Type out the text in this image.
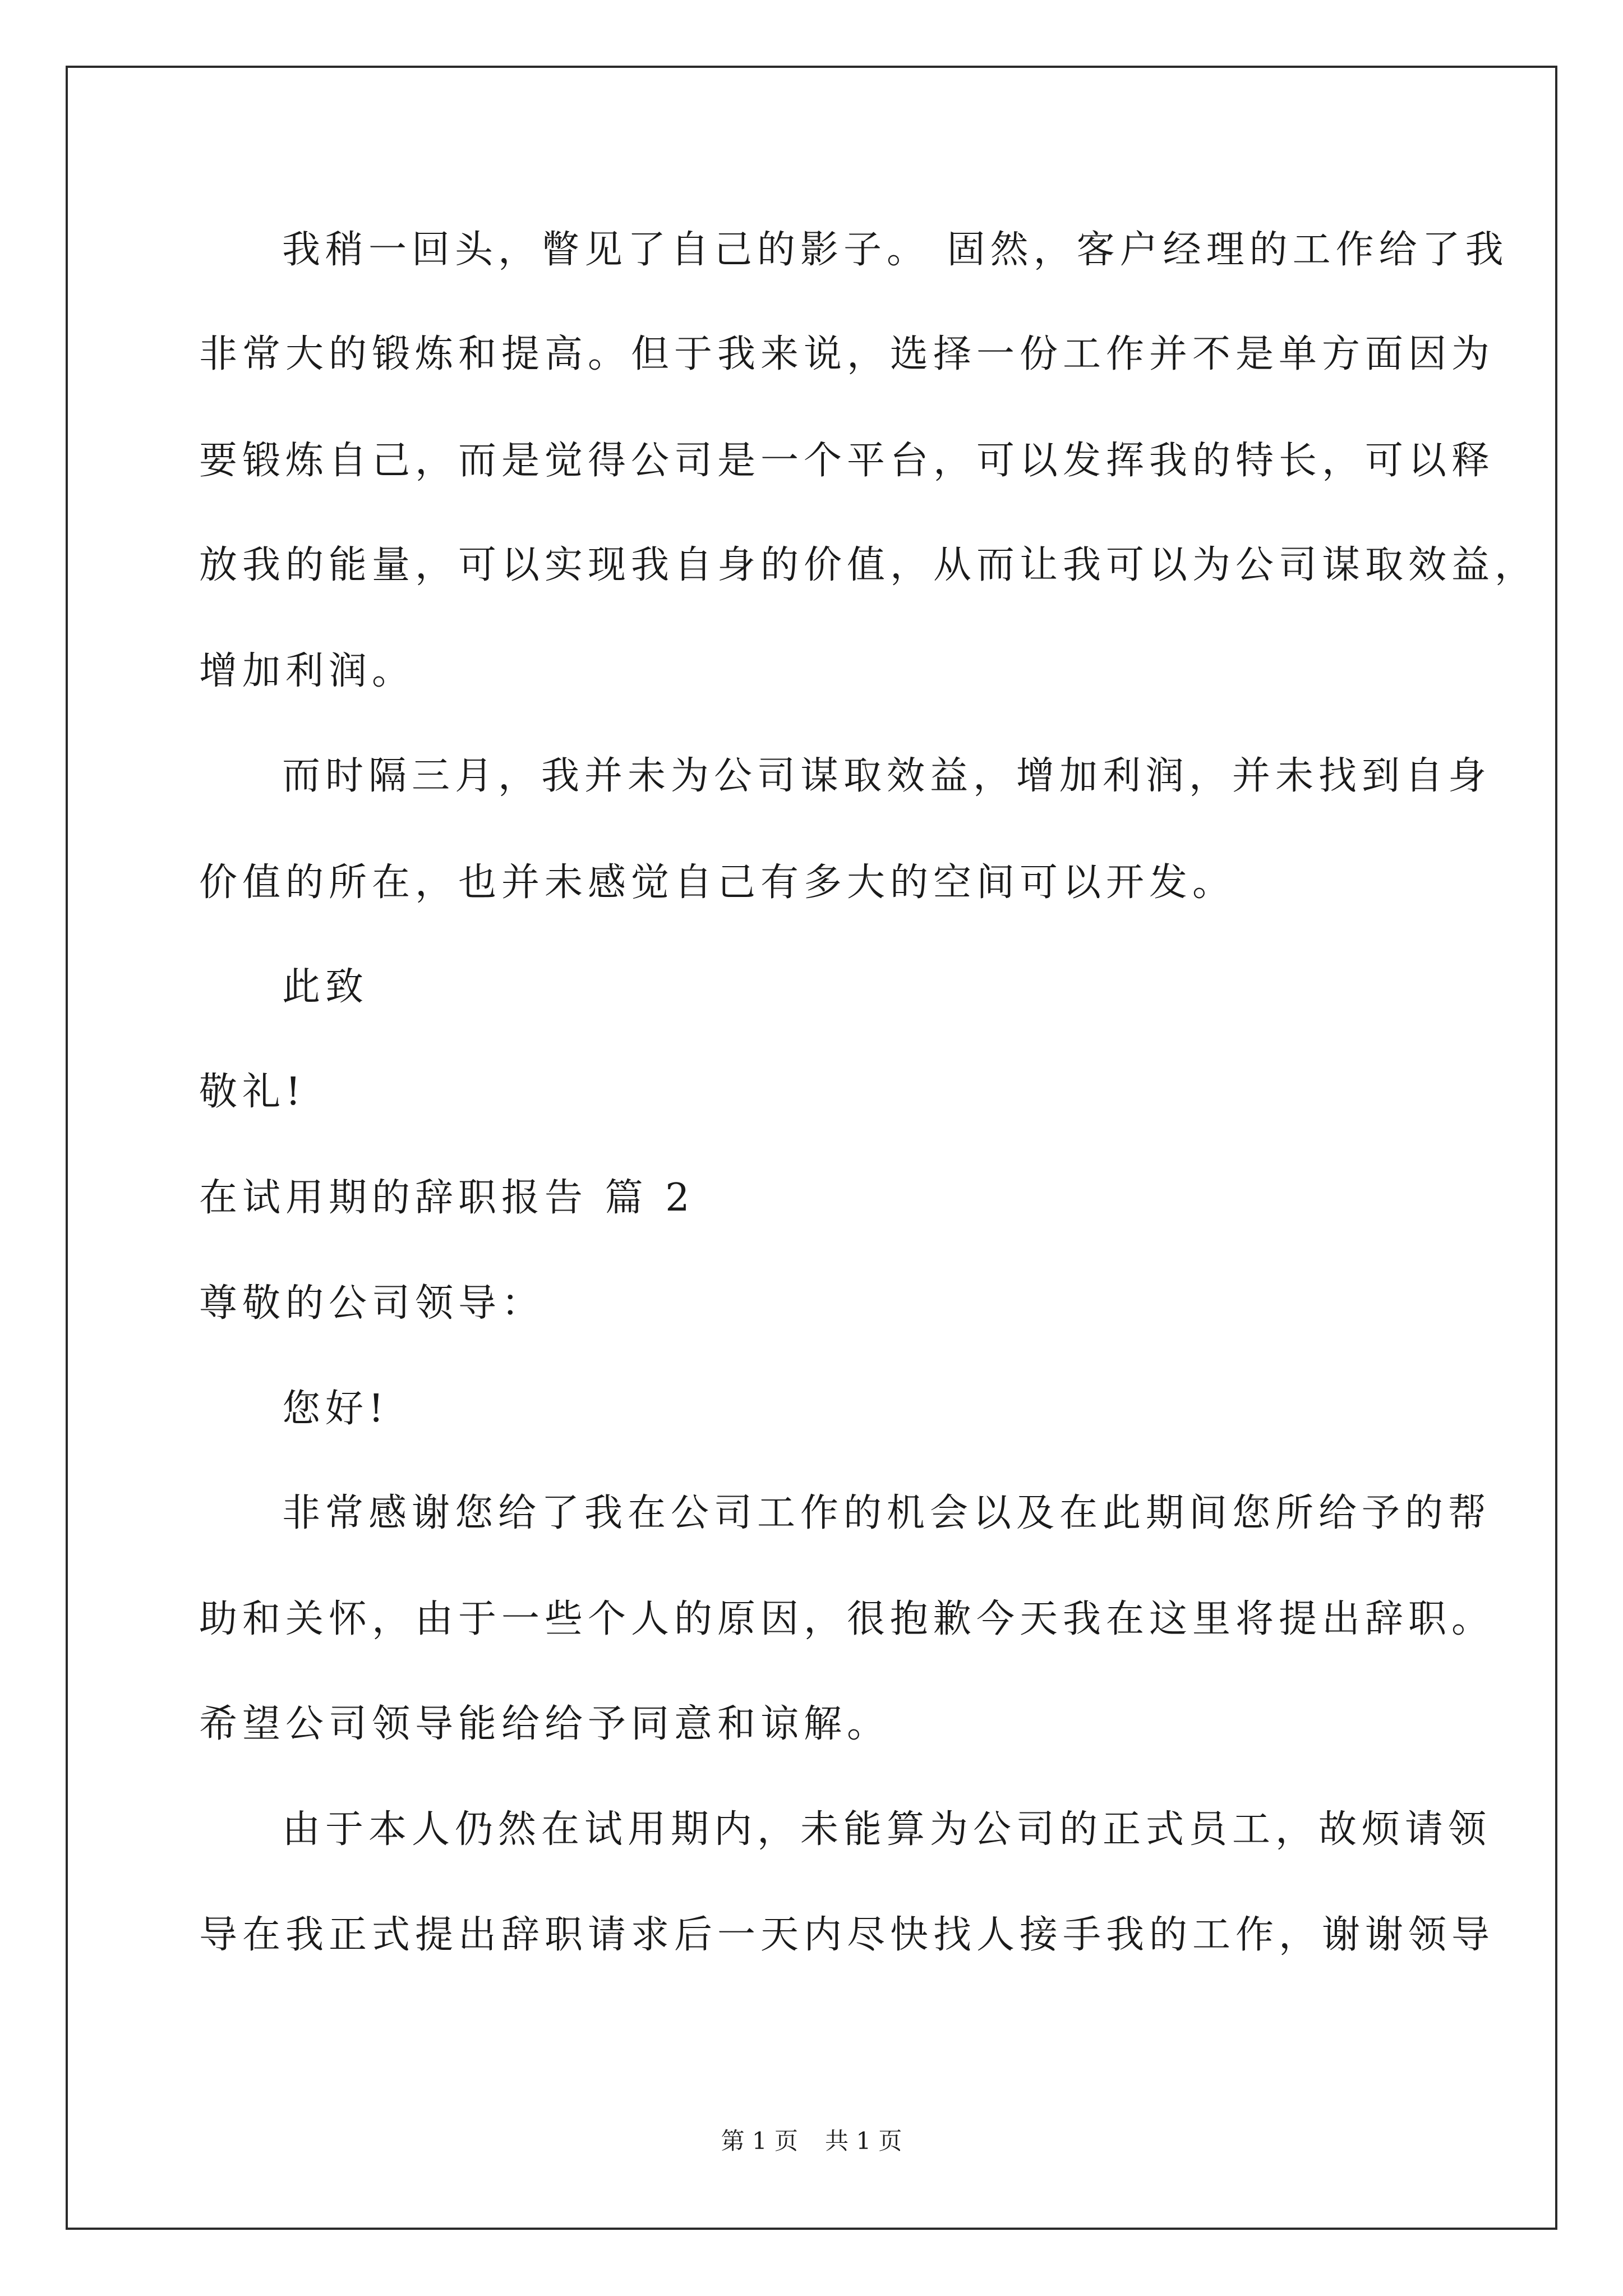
我稍一回头，瞥见了自己的影子。 固然，客户经理的工作给了我
非常大的锻炼和提高。但于我来说，选择一份工作并不是单方面因为
要锻炼自己，而是觉得公司是一个平台，可以发挥我的特长，可以释
放我的能量，可以实现我自身的价值，从而让我可以为公司谋取效益，
增加利润。
而时隔三月，我并未为公司谋取效益，增加利润，并未找到自身
价值的所在，也并未感觉自己有多大的空间可以开发。
此致
敬礼!
在试用期的辞职报告 篇 2
尊敬的公司领导：
您好!
非常感谢您给了我在公司工作的机会以及在此期间您所给予的帮
助和关怀，由于一些个人的原因，很抱歉今天我在这里将提出辞职。
希望公司领导能给给予同意和谅解。
由于本人仍然在试用期内，未能算为公司的正式员工，故烦请领
导在我正式提出辞职请求后一天内尽快找人接手我的工作，谢谢领导
第 1 页 共 1 页
